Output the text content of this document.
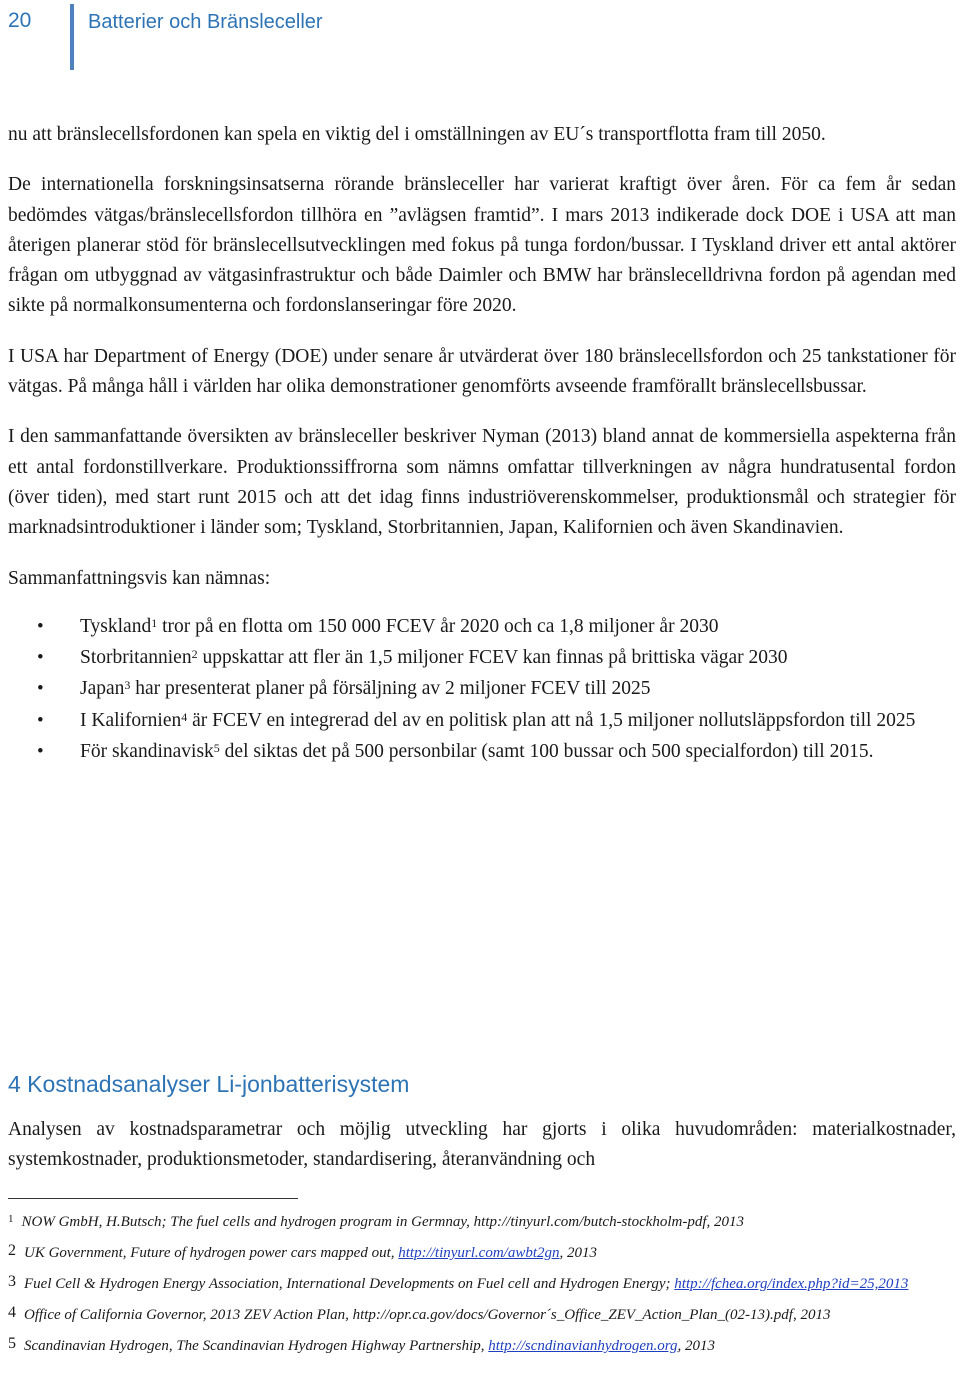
20	Batterier och Bränsleceller

nu att bränslecellsfordonen kan spela en viktig del i omställningen av EU´s transportflotta fram till 2050.

De internationella forskningsinsatserna rörande bränsleceller har varierat kraftigt över åren. För ca fem år sedan bedömdes vätgas/bränslecellsfordon tillhöra en ”avlägsen framtid”. I mars 2013 indikerade dock DOE i USA att man återigen planerar stöd för bränslecellsutvecklingen med fokus på tunga fordon/bussar. I Tyskland driver ett antal aktörer frågan om utbyggnad av vätgasinfrastruktur och både Daimler och BMW har bränslecelldrivna fordon på agendan med sikte på normalkonsumenterna och fordonslanseringar före 2020.

I USA har Department of Energy (DOE) under senare år utvärderat över 180 bränslecellsfordon och 25 tankstationer för vätgas. På många håll i världen har olika demonstrationer genomförts avseende framförallt bränslecellsbussar.

I den sammanfattande översikten av bränsleceller beskriver Nyman (2013) bland annat de kommersiella aspekterna från ett antal fordonstillverkare. Produktionssiffrorna som nämns omfattar tillverkningen av några hundratusental fordon (över tiden), med start runt 2015 och att det idag finns industriöverenskommelser, produktionsmål och strategier för marknadsintroduktioner i länder som; Tyskland, Storbritannien, Japan, Kalifornien och även Skandinavien.

Sammanfattningsvis kan nämnas:

• Tyskland$^1$ tror på en flotta om 150 000 FCEV år 2020 och ca 1,8 miljoner år 2030
• Storbritannien$^2$ uppskattar att fler än 1,5 miljoner FCEV kan finnas på brittiska vägar 2030
• Japan$^3$ har presenterat planer på försäljning av 2 miljoner FCEV till 2025
• I Kalifornien$^4$ är FCEV en integrerad del av en politisk plan att nå 1,5 miljoner nollutsläppsfordon till 2025
• För skandinavisk$^5$ del siktas det på 500 personbilar (samt 100 bussar och 500 specialfordon) till 2015.
4 Kostnadsanalyser Li-jonbatterisystem

Analysen av kostnadsparametrar och möjlig utveckling har gjorts i olika huvudområden: materialkostnader, systemkostnader, produktionsmetoder, standardisering, återanvändning och

$^1$ NOW GmbH, H.Butsch; The fuel cells and hydrogen program in Germnay, http://tinyurl.com/butch-stockholm-pdf, 2013

2 UK Government, Future of hydrogen power cars mapped out, http://tinyurl.com/awbt2gn, 2013

3 Fuel Cell & Hydrogen Energy Association, International Developments on Fuel cell and Hydrogen Energy; http://fchea.org/index.php?id=25,2013

4 Office of California Governor, 2013 ZEV Action Plan, http://opr.ca.gov/docs/Governor´s_Office_ZEV_Action_Plan_(02-13).pdf, 2013

5 Scandinavian Hydrogen, The Scandinavian Hydrogen Highway Partnership, http://scndinavianhydrogen.org, 2013
